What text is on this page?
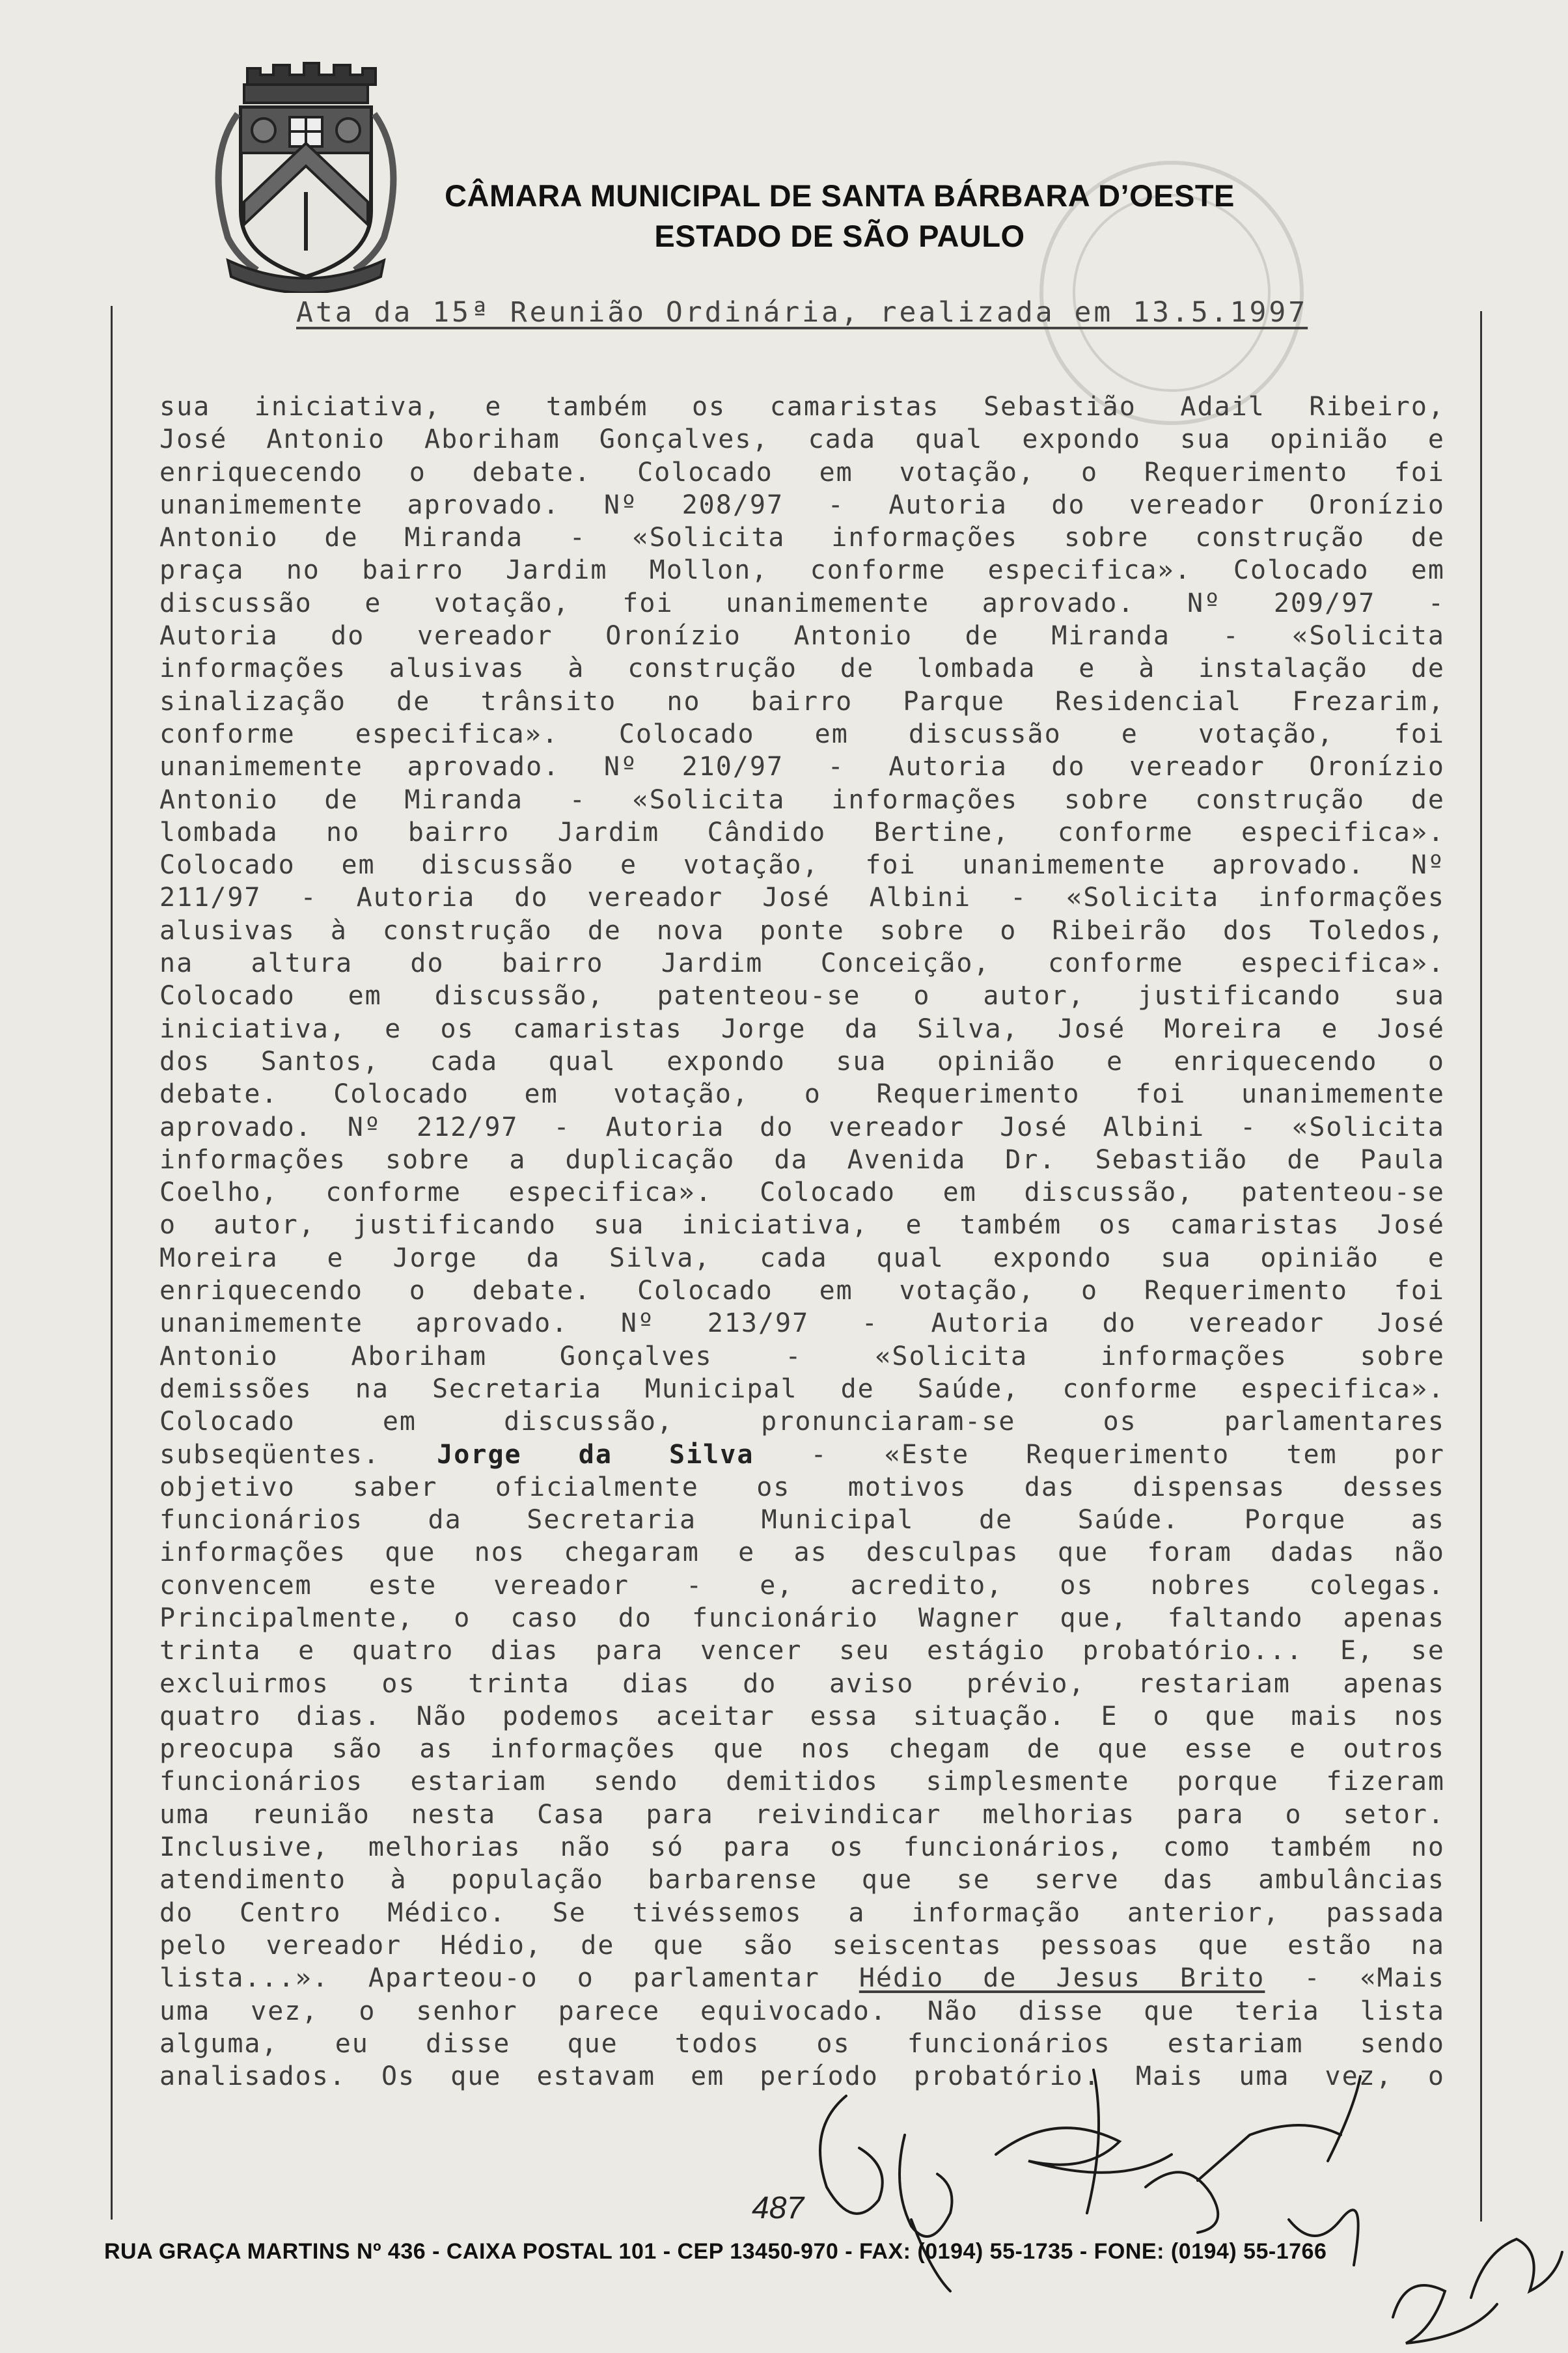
CÂMARA MUNICIPAL DE SANTA BÁRBARA D’OESTE
ESTADO DE SÃO PAULO
Ata da 15ª Reunião Ordinária, realizada em 13.5.1997
sua iniciativa, e também os camaristas Sebastião Adail Ribeiro,
José Antonio Aboriham Gonçalves, cada qual expondo sua opinião e
enriquecendo o debate. Colocado em votação, o Requerimento foi
unanimemente aprovado. Nº 208/97 - Autoria do vereador Oronízio
Antonio de Miranda - «Solicita informações sobre construção de
praça no bairro Jardim Mollon, conforme especifica». Colocado em
discussão e votação, foi unanimemente aprovado. Nº 209/97 -
Autoria do vereador Oronízio Antonio de Miranda - «Solicita
informações alusivas à construção de lombada e à instalação de
sinalização de trânsito no bairro Parque Residencial Frezarim,
conforme especifica». Colocado em discussão e votação, foi
unanimemente aprovado. Nº 210/97 - Autoria do vereador Oronízio
Antonio de Miranda - «Solicita informações sobre construção de
lombada no bairro Jardim Cândido Bertine, conforme especifica».
Colocado em discussão e votação, foi unanimemente aprovado. Nº
211/97 - Autoria do vereador José Albini - «Solicita informações
alusivas à construção de nova ponte sobre o Ribeirão dos Toledos,
na altura do bairro Jardim Conceição, conforme especifica».
Colocado em discussão, patenteou-se o autor, justificando sua
iniciativa, e os camaristas Jorge da Silva, José Moreira e José
dos Santos, cada qual expondo sua opinião e enriquecendo o
debate. Colocado em votação, o Requerimento foi unanimemente
aprovado. Nº 212/97 - Autoria do vereador José Albini - «Solicita
informações sobre a duplicação da Avenida Dr. Sebastião de Paula
Coelho, conforme especifica». Colocado em discussão, patenteou-se
o autor, justificando sua iniciativa, e também os camaristas José
Moreira e Jorge da Silva, cada qual expondo sua opinião e
enriquecendo o debate. Colocado em votação, o Requerimento foi
unanimemente aprovado. Nº 213/97 - Autoria do vereador José
Antonio Aboriham Gonçalves - «Solicita informações sobre
demissões na Secretaria Municipal de Saúde, conforme especifica».
Colocado em discussão, pronunciaram-se os parlamentares
subseqüentes. Jorge da Silva - «Este Requerimento tem por
objetivo saber oficialmente os motivos das dispensas desses
funcionários da Secretaria Municipal de Saúde. Porque as
informações que nos chegaram e as desculpas que foram dadas não
convencem este vereador - e, acredito, os nobres colegas.
Principalmente, o caso do funcionário Wagner que, faltando apenas
trinta e quatro dias para vencer seu estágio probatório... E, se
excluirmos os trinta dias do aviso prévio, restariam apenas
quatro dias. Não podemos aceitar essa situação. E o que mais nos
preocupa são as informações que nos chegam de que esse e outros
funcionários estariam sendo demitidos simplesmente porque fizeram
uma reunião nesta Casa para reivindicar melhorias para o setor.
Inclusive, melhorias não só para os funcionários, como também no
atendimento à população barbarense que se serve das ambulâncias
do Centro Médico. Se tivéssemos a informação anterior, passada
pelo vereador Hédio, de que são seiscentas pessoas que estão na
lista...». Aparteou-o o parlamentar Hédio de Jesus Brito - «Mais
uma vez, o senhor parece equivocado. Não disse que teria lista
alguma, eu disse que todos os funcionários estariam sendo
analisados. Os que estavam em período probatório. Mais uma vez, o
487
RUA GRAÇA MARTINS Nº 436 - CAIXA POSTAL 101 - CEP 13450-970 - FAX: (0194) 55-1735 - FONE: (0194) 55-1766
